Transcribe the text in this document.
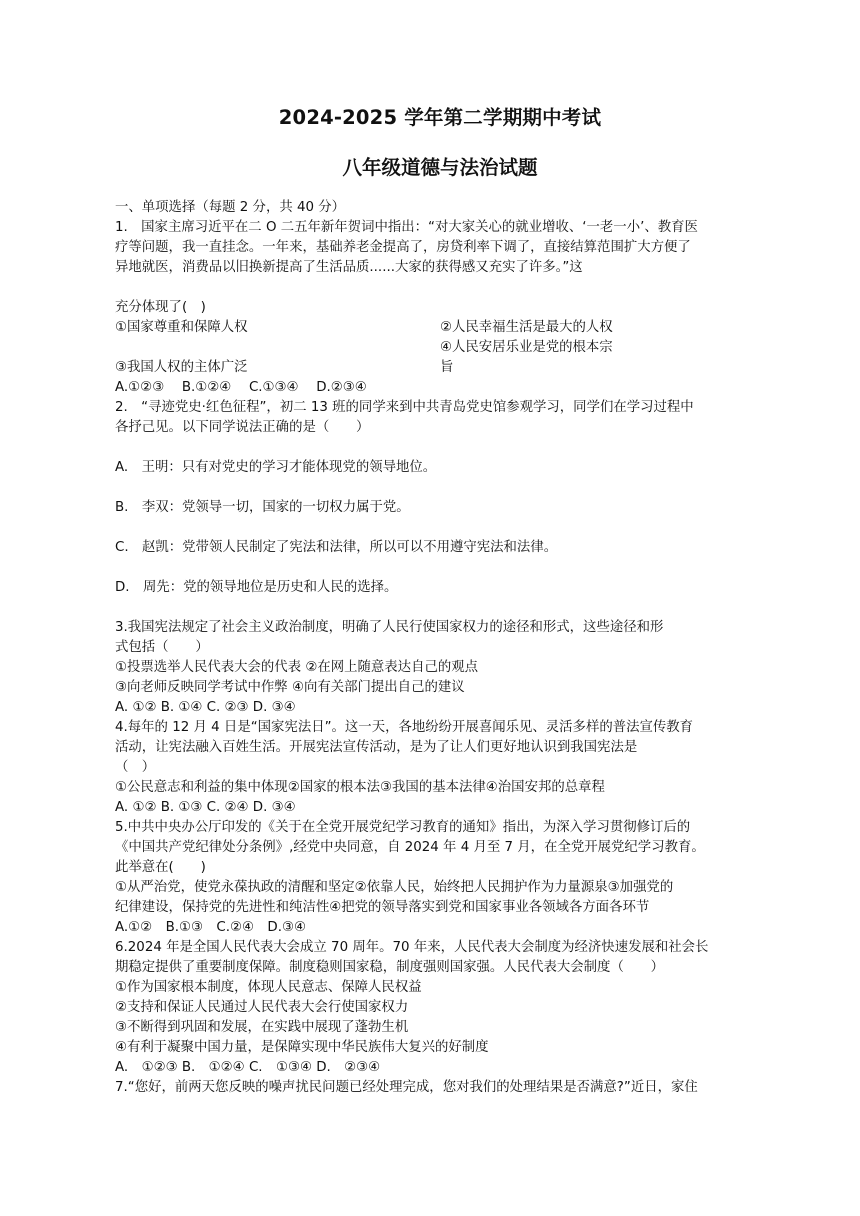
2024-2025 学年第二学期期中考试

八年级道德与法治试题

一、单项选择（每题 2 分，共 40 分）

1.　国家主席习近平在二 O 二五年新年贺词中指出：“对大家关心的就业增收、‘一老一小’、教育医

疗等问题，我一直挂念。一年来，基础养老金提高了，房贷利率下调了，直接结算范围扩大方便了

异地就医，消费品以旧换新提高了生活品质......大家的获得感又充实了许多。”这

充分体现了(　)

①国家尊重和保障人权	②人民幸福生活是最大的人权
③我国人权的主体广泛
④人民安居乐业是党的根本宗
旨

A.①②③　 B.①②④　 C.①③④　 D.②③④

2.　“寻迹党史·红色征程”，初二 13 班的同学来到中共青岛党史馆参观学习，同学们在学习过程中

各抒己见。以下同学说法正确的是（　　）

A.　王明：只有对党史的学习才能体现党的领导地位。

B.　李双：党领导一切，国家的一切权力属于党。

C.　赵凯：党带领人民制定了宪法和法律，所以可以不用遵守宪法和法律。

D.　周先：党的领导地位是历史和人民的选择。

3.我国宪法规定了社会主义政治制度，明确了人民行使国家权力的途径和形式，这些途径和形

式包括（　　）

①投票选举人民代表大会的代表 ②在网上随意表达自己的观点

③向老师反映同学考试中作弊 ④向有关部门提出自己的建议

A. ①② B. ①④ C. ②③ D. ③④

4.每年的 12 月 4 日是“国家宪法日”。这一天，各地纷纷开展喜闻乐见、灵活多样的普法宣传教育

活动，让宪法融入百姓生活。开展宪法宣传活动，是为了让人们更好地认识到我国宪法是

（　）

①公民意志和利益的集中体现②国家的根本法③我国的基本法律④治国安邦的总章程

A. ①② B. ①③ C. ②④ D. ③④

5.中共中央办公厅印发的《关于在全党开展党纪学习教育的通知》指出，为深入学习贯彻修订后的

《中国共产党纪律处分条例》,经党中央同意，自 2024 年 4 月至 7 月，在全党开展党纪学习教育。

此举意在(　　)

①从严治党，使党永葆执政的清醒和坚定②依靠人民，始终把人民拥护作为力量源泉③加强党的

纪律建设，保持党的先进性和纯洁性④把党的领导落实到党和国家事业各领域各方面各环节

A.①②　B.①③　C.②④　D.③④

6.2024 年是全国人民代表大会成立 70 周年。70 年来，人民代表大会制度为经济快速发展和社会长

期稳定提供了重要制度保障。制度稳则国家稳，制度强则国家强。人民代表大会制度（　　）

①作为国家根本制度，体现人民意志、保障人民权益

②支持和保证人民通过人民代表大会行使国家权力

③不断得到巩固和发展，在实践中展现了蓬勃生机

④有利于凝聚中国力量，是保障实现中华民族伟大复兴的好制度

A.　①②③ B.　①②④ C.　①③④ D.　②③④

7.“您好，前两天您反映的噪声扰民问题已经处理完成，您对我们的处理结果是否满意?”近日，家住
